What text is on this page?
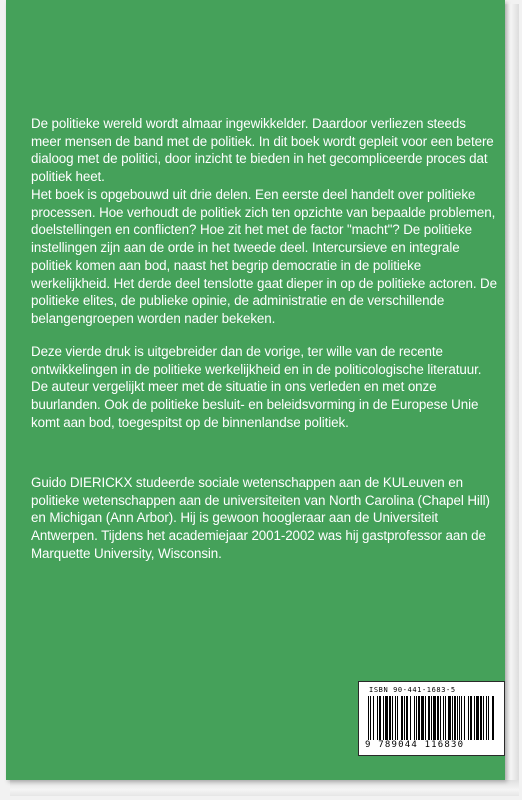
De politieke wereld wordt almaar ingewikkelder. Daardoor verliezen steeds meer mensen de band met de politiek. In dit boek wordt gepleit voor een betere dialoog met de politici, door inzicht te bieden in het gecompliceerde proces dat politiek heet.

Het boek is opgebouwd uit drie delen. Een eerste deel handelt over politieke processen. Hoe verhoudt de politiek zich ten opzichte van bepaalde problemen, doelstellingen en conflicten? Hoe zit het met de factor "macht"? De politieke instellingen zijn aan de orde in het tweede deel. Intercursieve en integrale politiek komen aan bod, naast het begrip democratie in de politieke werkelijkheid. Het derde deel tenslotte gaat dieper in op de politieke actoren. De politieke elites, de publieke opinie, de administratie en de verschillende belangengroepen worden nader bekeken.

Deze vierde druk is uitgebreider dan de vorige, ter wille van de recente ontwikkelingen in de politieke werkelijkheid en in de politicologische literatuur. De auteur vergelijkt meer met de situatie in ons verleden en met onze buurlanden. Ook de politieke besluit- en beleidsvorming in de Europese Unie komt aan bod, toegespitst op de binnenlandse politiek.

Guido DIERICKX studeerde sociale wetenschappen aan de KULeuven en politieke wetenschappen aan de universiteiten van North Carolina (Chapel Hill) en Michigan (Ann Arbor). Hij is gewoon hoogleraar aan de Universiteit Antwerpen. Tijdens het academiejaar 2001-2002 was hij gastprofessor aan de Marquette University, Wisconsin.

ISBN 90-441-1683-5
9 789044 116830
